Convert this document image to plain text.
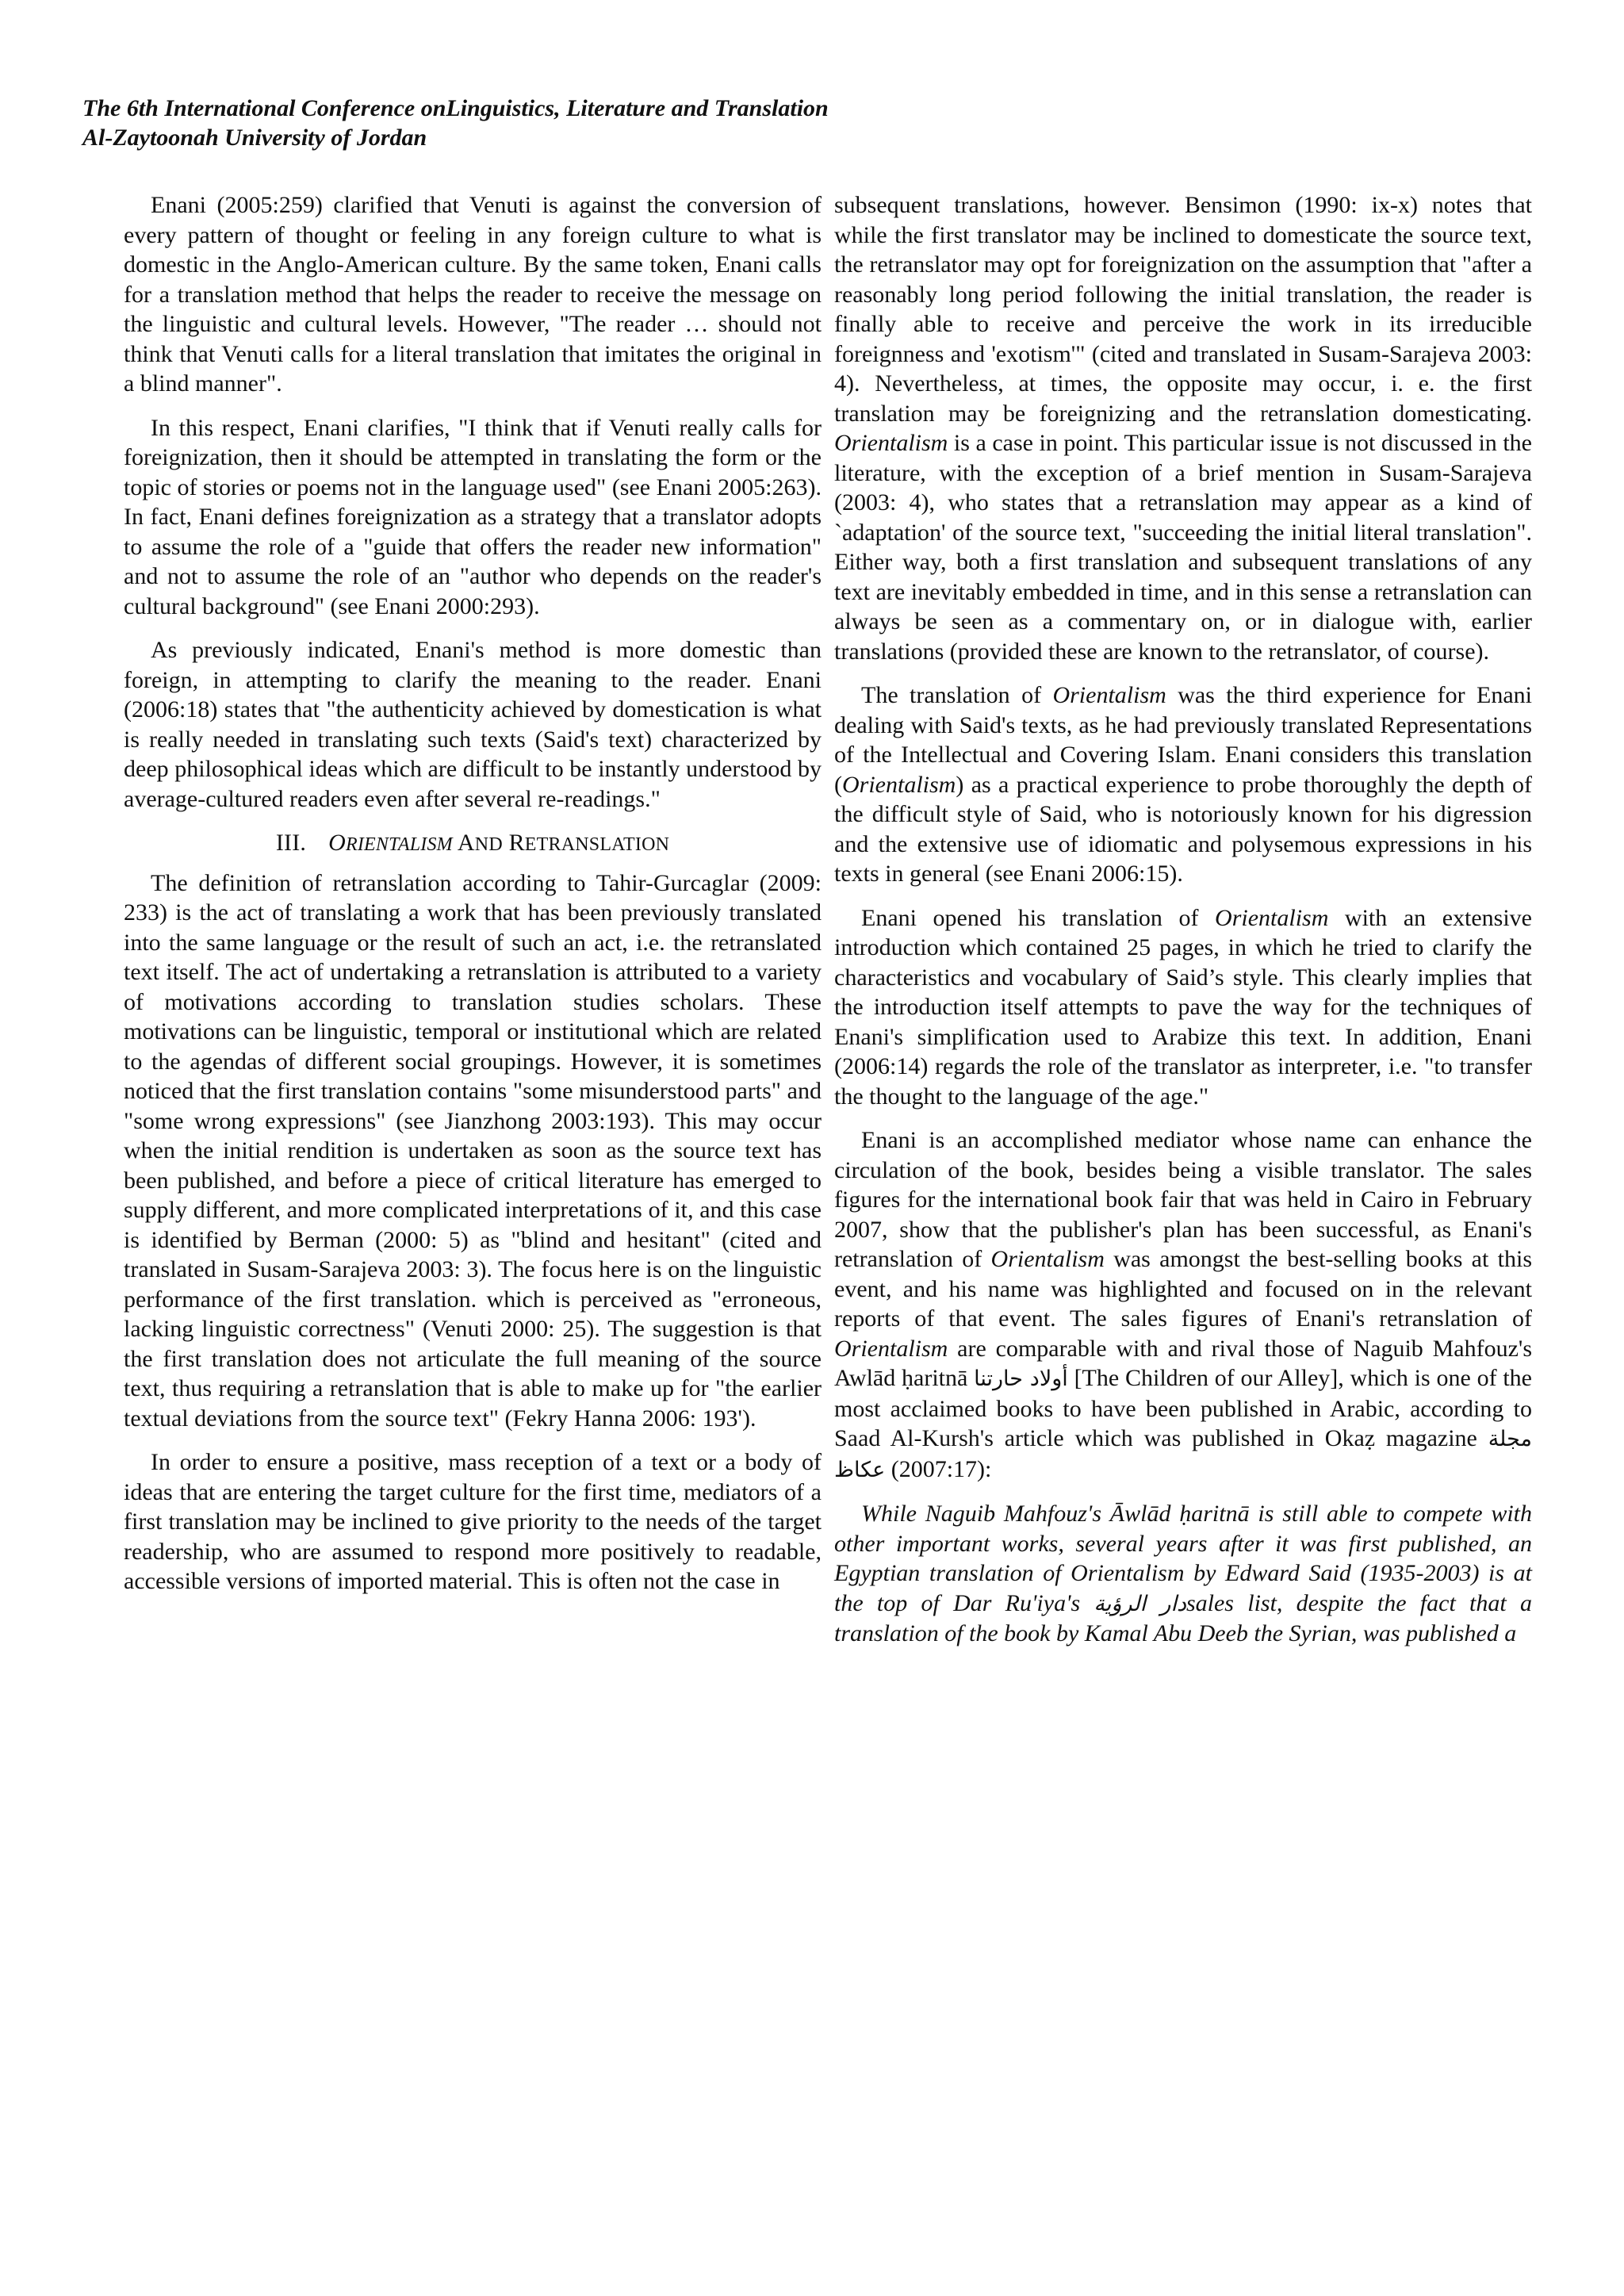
The 6th International Conference onLinguistics, Literature and Translation
Al-Zaytoonah University of Jordan

Enani (2005:259) clarified that Venuti is against the conversion of every pattern of thought or feeling in any foreign culture to what is domestic in the Anglo-American culture. By the same token, Enani calls for a translation method that helps the reader to receive the message on the linguistic and cultural levels. However, "The reader … should not think that Venuti calls for a literal translation that imitates the original in a blind manner".

In this respect, Enani clarifies, "I think that if Venuti really calls for foreignization, then it should be attempted in translating the form or the topic of stories or poems not in the language used" (see Enani 2005:263). In fact, Enani defines foreignization as a strategy that a translator adopts to assume the role of a "guide that offers the reader new information" and not to assume the role of an "author who depends on the reader's cultural background" (see Enani 2000:293).

As previously indicated, Enani's method is more domestic than foreign, in attempting to clarify the meaning to the reader. Enani (2006:18) states that "the authenticity achieved by domestication is what is really needed in translating such texts (Said's text) characterized by deep philosophical ideas which are difficult to be instantly understood by average-cultured readers even after several re-readings."

III. ORIENTALISM AND RETRANSLATION

The definition of retranslation according to Tahir-Gurcaglar (2009: 233) is the act of translating a work that has been previously translated into the same language or the result of such an act, i.e. the retranslated text itself. The act of undertaking a retranslation is attributed to a variety of motivations according to translation studies scholars. These motivations can be linguistic, temporal or institutional which are related to the agendas of different social groupings. However, it is sometimes noticed that the first translation contains "some misunderstood parts" and "some wrong expressions" (see Jianzhong 2003:193). This may occur when the initial rendition is undertaken as soon as the source text has been published, and before a piece of critical literature has emerged to supply different, and more complicated interpretations of it, and this case is identified by Berman (2000: 5) as "blind and hesitant" (cited and translated in Susam-Sarajeva 2003: 3). The focus here is on the linguistic performance of the first translation. which is perceived as "erroneous, lacking linguistic correctness" (Venuti 2000: 25). The suggestion is that the first translation does not articulate the full meaning of the source text, thus requiring a retranslation that is able to make up for "the earlier textual deviations from the source text" (Fekry Hanna 2006: 193').

In order to ensure a positive, mass reception of a text or a body of ideas that are entering the target culture for the first time, mediators of a first translation may be inclined to give priority to the needs of the target readership, who are assumed to respond more positively to readable, accessible versions of imported material. This is often not the case in

subsequent translations, however. Bensimon (1990: ix-x) notes that while the first translator may be inclined to domesticate the source text, the retranslator may opt for foreignization on the assumption that "after a reasonably long period following the initial translation, the reader is finally able to receive and perceive the work in its irreducible foreignness and 'exotism'" (cited and translated in Susam-Sarajeva 2003: 4). Nevertheless, at times, the opposite may occur, i. e. the first translation may be foreignizing and the retranslation domesticating. Orientalism is a case in point. This particular issue is not discussed in the literature, with the exception of a brief mention in Susam-Sarajeva (2003: 4), who states that a retranslation may appear as a kind of `adaptation' of the source text, "succeeding the initial literal translation". Either way, both a first translation and subsequent translations of any text are inevitably embedded in time, and in this sense a retranslation can always be seen as a commentary on, or in dialogue with, earlier translations (provided these are known to the retranslator, of course).

The translation of Orientalism was the third experience for Enani dealing with Said's texts, as he had previously translated Representations of the Intellectual and Covering Islam. Enani considers this translation (Orientalism) as a practical experience to probe thoroughly the depth of the difficult style of Said, who is notoriously known for his digression and the extensive use of idiomatic and polysemous expressions in his texts in general (see Enani 2006:15).

Enani opened his translation of Orientalism with an extensive introduction which contained 25 pages, in which he tried to clarify the characteristics and vocabulary of Said’s style. This clearly implies that the introduction itself attempts to pave the way for the techniques of Enani's simplification used to Arabize this text. In addition, Enani (2006:14) regards the role of the translator as interpreter, i.e. "to transfer the thought to the language of the age."

Enani is an accomplished mediator whose name can enhance the circulation of the book, besides being a visible translator. The sales figures for the international book fair that was held in Cairo in February 2007, show that the publisher's plan has been successful, as Enani's retranslation of Orientalism was amongst the best-selling books at this event, and his name was highlighted and focused on in the relevant reports of that event. The sales figures of Enani's retranslation of Orientalism are comparable with and rival those of Naguib Mahfouz's Awlād ḥaritnā أولاد حارتنا [The Children of our Alley], which is one of the most acclaimed books to have been published in Arabic, according to Saad Al-Kursh's article which was published in Okaẓ magazine مجلة عكاظ (2007:17):

While Naguib Mahfouz's Āwlād ḥaritnā is still able to compete with other important works, several years after it was first published, an Egyptian translation of Orientalism by Edward Said (1935-2003) is at the top of Dar Ru'iya's دار الرؤيةsales list, despite the fact that a translation of the book by Kamal Abu Deeb the Syrian, was published a
